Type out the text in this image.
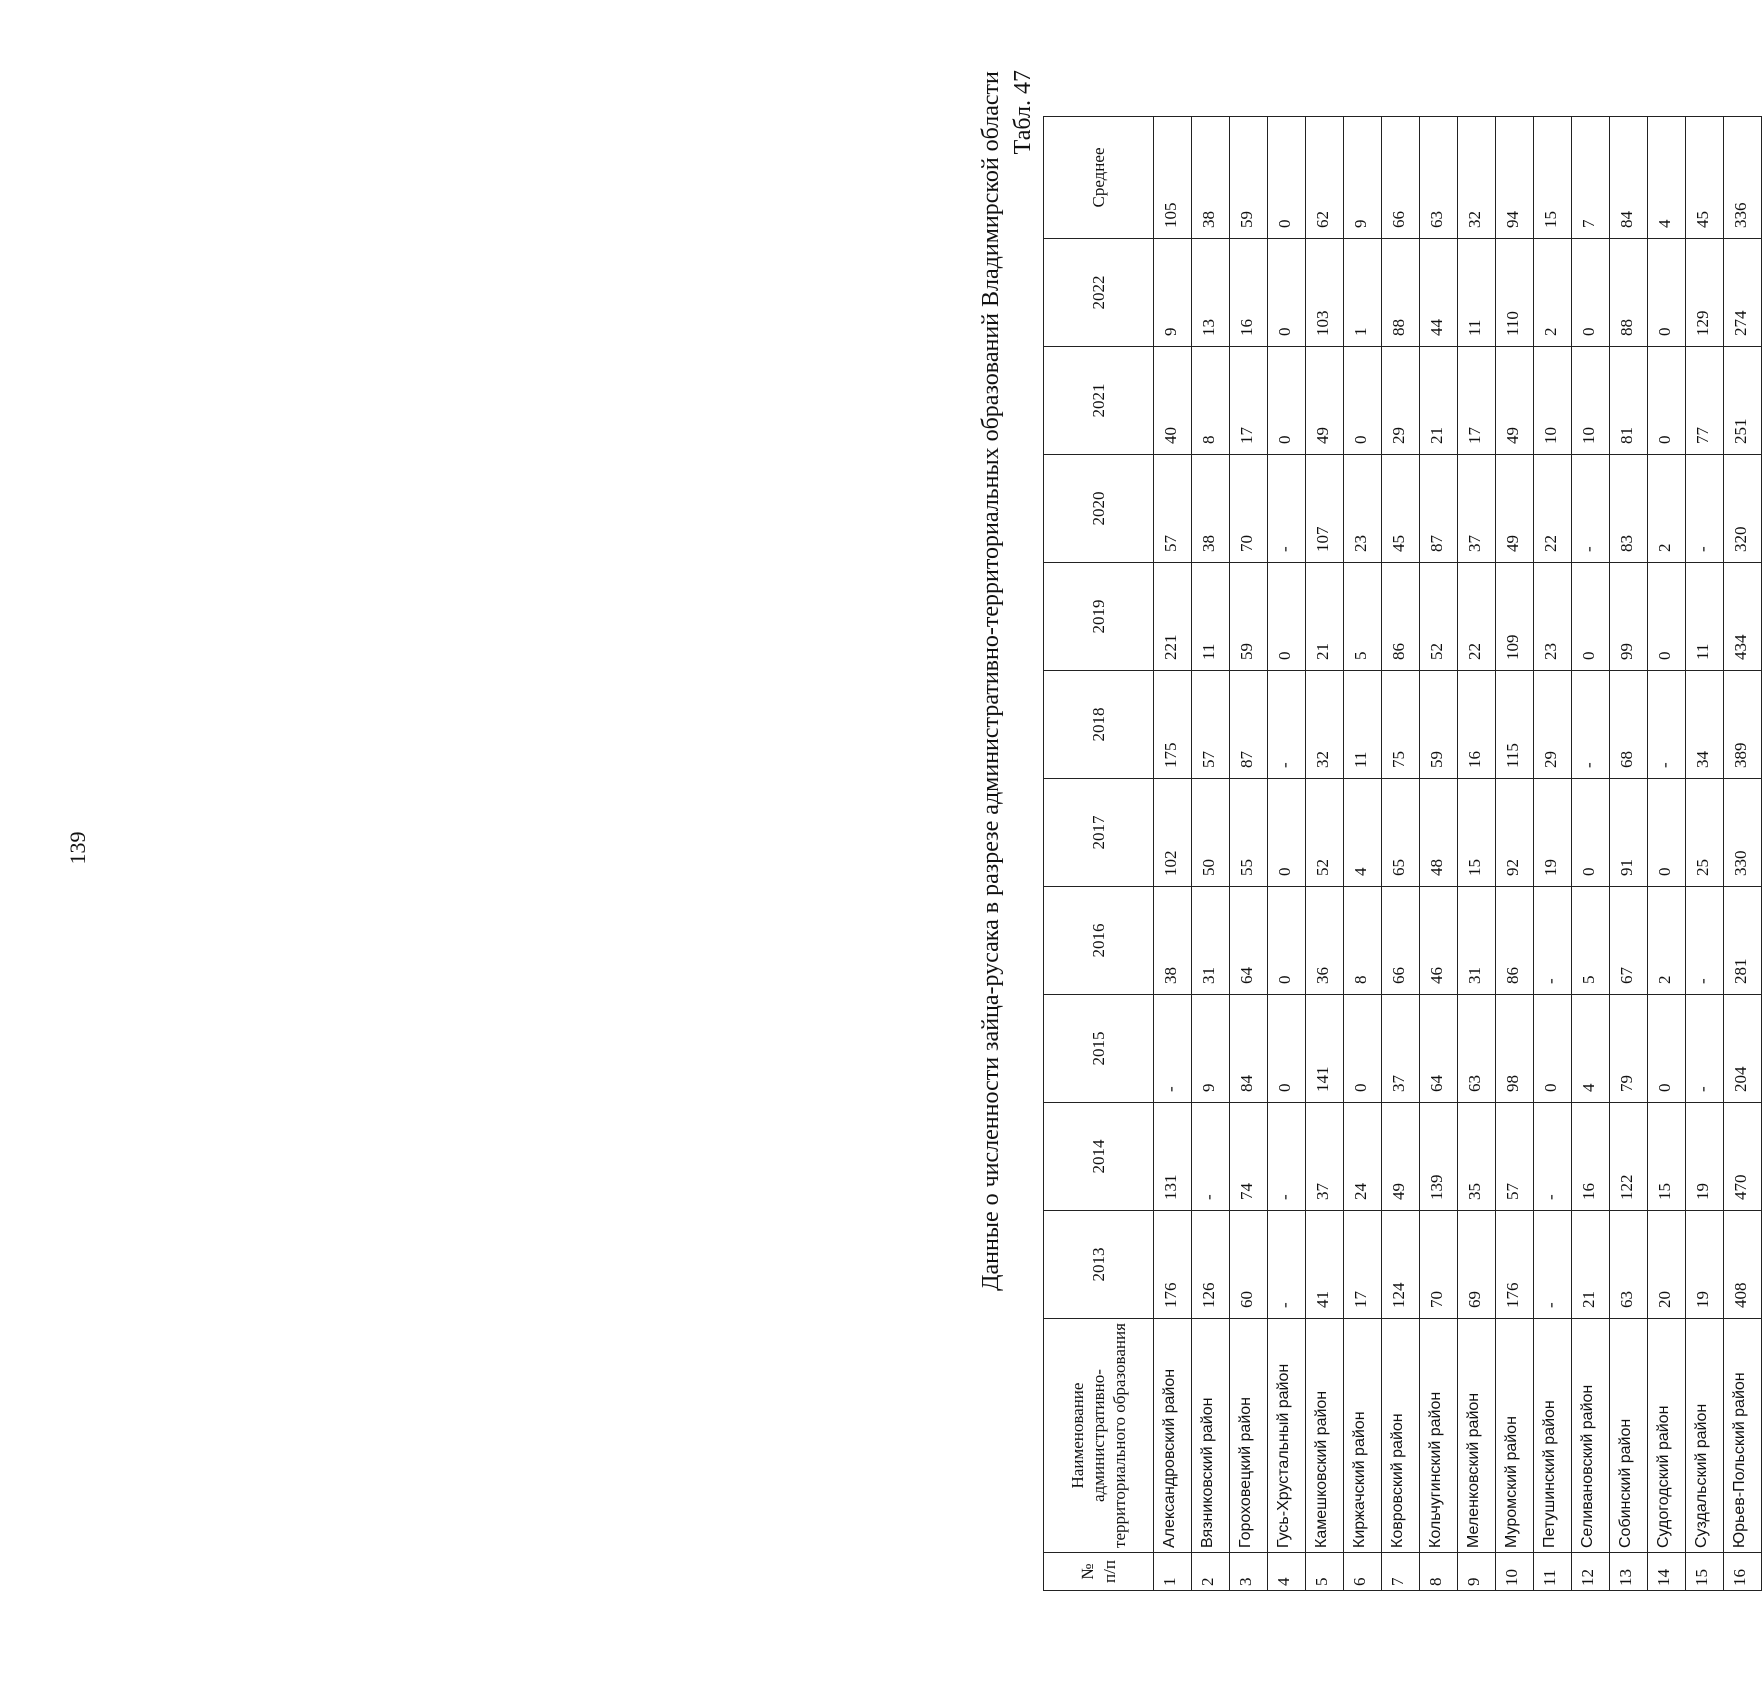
139
Табл. 47
Данные о численности зайца-русака в разрезе административно-территориальных образований Владимирской области
№ п/п	Наименование административно-территориального образования	2013	2014	2015	2016	2017	2018	2019	2020	2021	2022	Среднее
1	Александровский район	176	131	-	38	102	175	221	57	40	9	105
2	Вязниковский район	126	-	9	31	50	57	11	38	8	13	38
3	Гороховецкий район	60	74	84	64	55	87	59	70	17	16	59
4	Гусь-Хрустальный район	-	-	0	0	0	-	0	-	0	0	0
5	Камешковский район	41	37	141	36	52	32	21	107	49	103	62
6	Киржачский район	17	24	0	8	4	11	5	23	0	1	9
7	Ковровский район	124	49	37	66	65	75	86	45	29	88	66
8	Кольчугинский район	70	139	64	46	48	59	52	87	21	44	63
9	Меленковский район	69	35	63	31	15	16	22	37	17	11	32
10	Муромский район	176	57	98	86	92	115	109	49	49	110	94
11	Петушинский район	-	-	0	-	19	29	23	22	10	2	15
12	Селивановский район	21	16	4	5	0	-	0	-	10	0	7
13	Собинский район	63	122	79	67	91	68	99	83	81	88	84
14	Судогодский район	20	15	0	2	0	-	0	2	0	0	4
15	Суздальский район	19	19	-	-	25	34	11	-	77	129	45
16	Юрьев-Польский район	408	470	204	281	330	389	434	320	251	274	336
